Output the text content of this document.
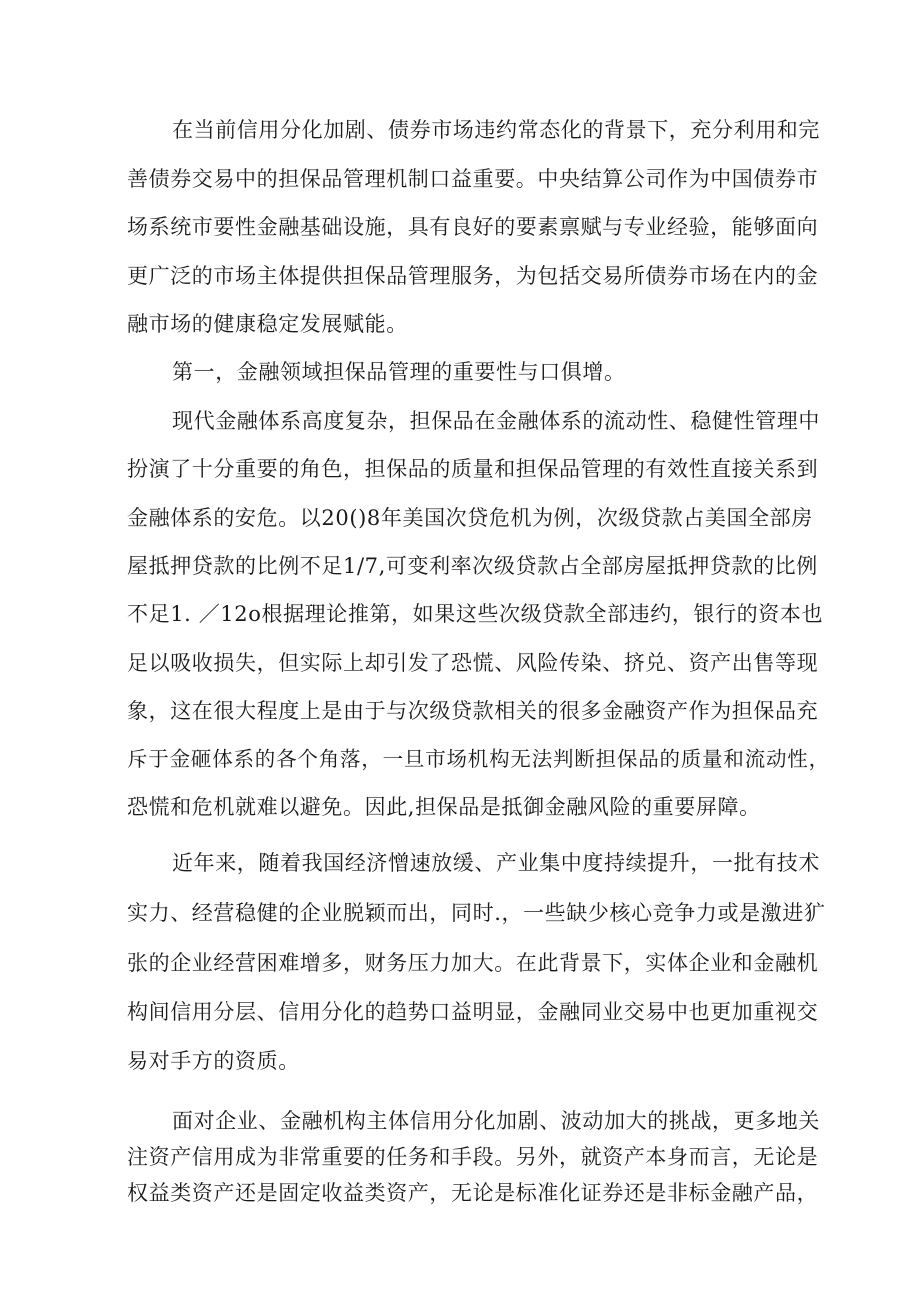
在当前信用分化加剧、债券市场违约常态化的背景下，充分利用和完
善债券交易中的担保品管理机制口益重要。中央结算公司作为中国债券市
场系统市要性金融基础设施，具有良好的要素禀赋与专业经验，能够面向
更广泛的市场主体提供担保品管理服务，为包括交易所债券市场在内的金
融市场的健康稳定发展赋能。
第一，金融领域担保品管理的重要性与口俱增。
现代金融体系高度复杂，担保品在金融体系的流动性、稳健性管理中
扮演了十分重要的角色，担保品的质量和担保品管理的有效性直接关系到
金融体系的安危。以20()8年美国次贷危机为例，次级贷款占美国全部房
屋抵押贷款的比例不足1/7,可变利率次级贷款占全部房屋抵押贷款的比例
不足1. ／12o根据理论推第，如果这些次级贷款全部违约，银行的资本也
足以吸收损失，但实际上却引发了恐慌、风险传染、挤兑、资产出售等现
象，这在很大程度上是由于与次级贷款相关的很多金融资产作为担保品充
斥于金砸体系的各个角落，一旦市场机构无法判断担保品的质量和流动性，
恐慌和危机就难以避免。因此,担保品是抵御金融风险的重要屏障。
近年来，随着我国经济憎速放缓、产业集中度持续提升，一批有技术
实力、经营稳健的企业脱颖而出，同时.，一些缺少核心竞争力或是激进犷
张的企业经营困难增多，财务压力加大。在此背景下，实体企业和金融机
构间信用分层、信用分化的趋势口益明显，金融同业交易中也更加重视交
易对手方的资质。
面对企业、金融机构主体信用分化加剧、波动加大的挑战，更多地关
注资产信用成为非常重要的任务和手段。另外，就资产本身而言，无论是
权益类资产还是固定收益类资产，无论是标准化证券还是非标金融产品，
